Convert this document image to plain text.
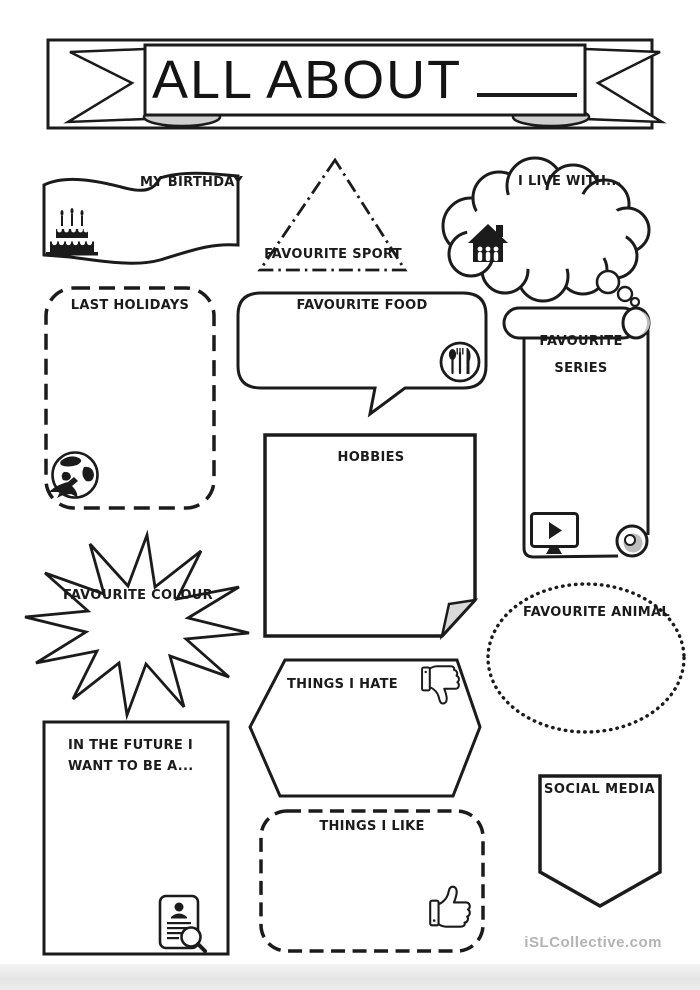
ALL ABOUT
MY BIRTHDAY
FAVOURITE SPORT
I LIVE WITH...
LAST HOLIDAYS	FAVOURITE FOOD
FAVOURITE
SERIES
HOBBIES
FAVOURITE COLOUR
FAVOURITE ANIMAL
THINGS I HATE
IN THE FUTURE I
WANT TO BE A...
THINGS I LIKE
SOCIAL MEDIA
iSLCollective.com
